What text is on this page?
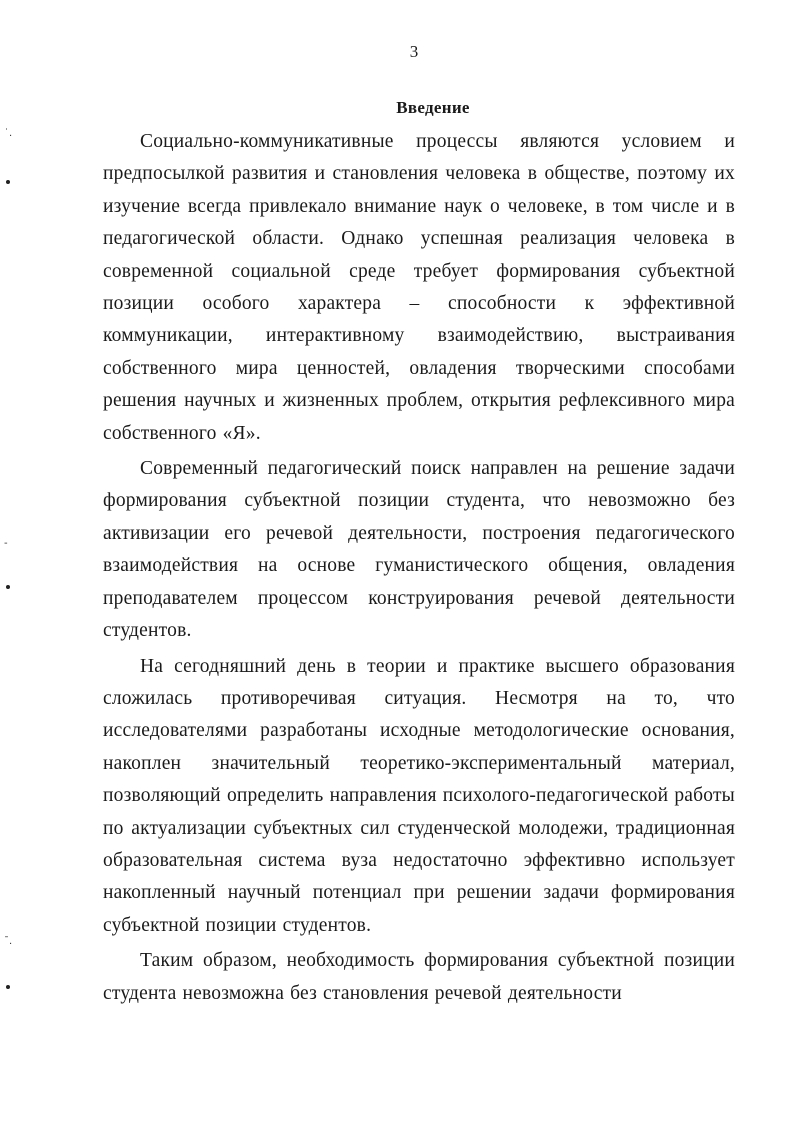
3
Введение

Социально-коммуникативные процессы являются условием и предпосылкой развития и становления человека в обществе, поэтому их изучение всегда привлекало внимание наук о человеке, в том числе и в педагогической области. Однако успешная реализация человека в современной социальной среде требует формирования субъектной позиции особого характера – способности к эффективной коммуникации, интерактивному взаимодействию, выстраивания собственного мира ценностей, овладения творческими способами решения научных и жизненных проблем, открытия рефлексивного мира собственного «Я».

Современный педагогический поиск направлен на решение задачи формирования субъектной позиции студента, что невозможно без активизации его речевой деятельности, построения педагогического взаимодействия на основе гуманистического общения, овладения преподавателем процессом конструирования речевой деятельности студентов.

На сегодняшний день в теории и практике высшего образования сложилась противоречивая ситуация. Несмотря на то, что исследователями разработаны исходные методологические основания, накоплен значительный теоретико-экспериментальный материал, позволяющий определить направления психолого-педагогической работы по актуализации субъектных сил студенческой молодежи, традиционная образовательная система вуза недостаточно эффективно использует накопленный научный потенциал при решении задачи формирования субъектной позиции студентов.

Таким образом, необходимость формирования субъектной позиции студента невозможна без становления речевой деятельности

˙.
-
ˉ.
